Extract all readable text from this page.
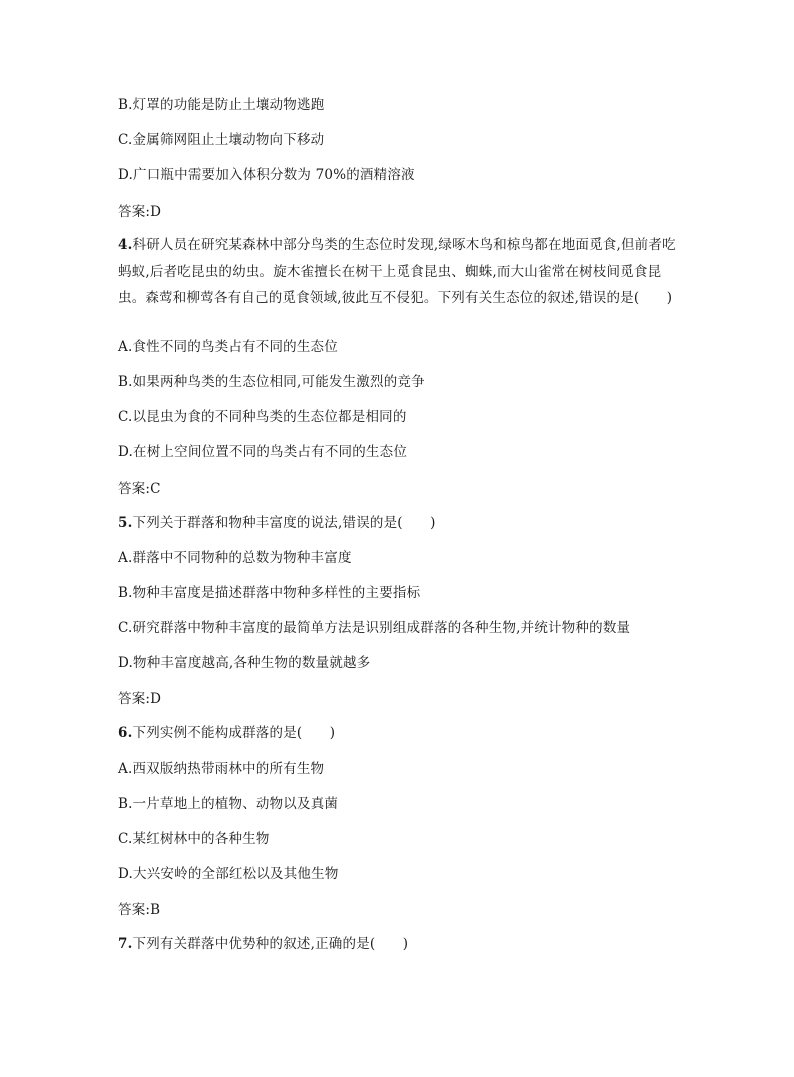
B.灯罩的功能是防止土壤动物逃跑
C.金属筛网阻止土壤动物向下移动
D.广口瓶中需要加入体积分数为 70%的酒精溶液
答案:D
4.科研人员在研究某森林中部分鸟类的生态位时发现,绿啄木鸟和椋鸟都在地面觅食,但前者吃蚂蚁,后者吃昆虫的幼虫。旋木雀擅长在树干上觅食昆虫、蜘蛛,而大山雀常在树枝间觅食昆虫。森莺和柳莺各有自己的觅食领域,彼此互不侵犯。下列有关生态位的叙述,错误的是(　　)
A.食性不同的鸟类占有不同的生态位
B.如果两种鸟类的生态位相同,可能发生激烈的竞争
C.以昆虫为食的不同种鸟类的生态位都是相同的
D.在树上空间位置不同的鸟类占有不同的生态位
答案:C
5.下列关于群落和物种丰富度的说法,错误的是(　　)
A.群落中不同物种的总数为物种丰富度
B.物种丰富度是描述群落中物种多样性的主要指标
C.研究群落中物种丰富度的最简单方法是识别组成群落的各种生物,并统计物种的数量
D.物种丰富度越高,各种生物的数量就越多
答案:D
6.下列实例不能构成群落的是(　　)
A.西双版纳热带雨林中的所有生物
B.一片草地上的植物、动物以及真菌
C.某红树林中的各种生物
D.大兴安岭的全部红松以及其他生物
答案:B
7.下列有关群落中优势种的叙述,正确的是(　　)
